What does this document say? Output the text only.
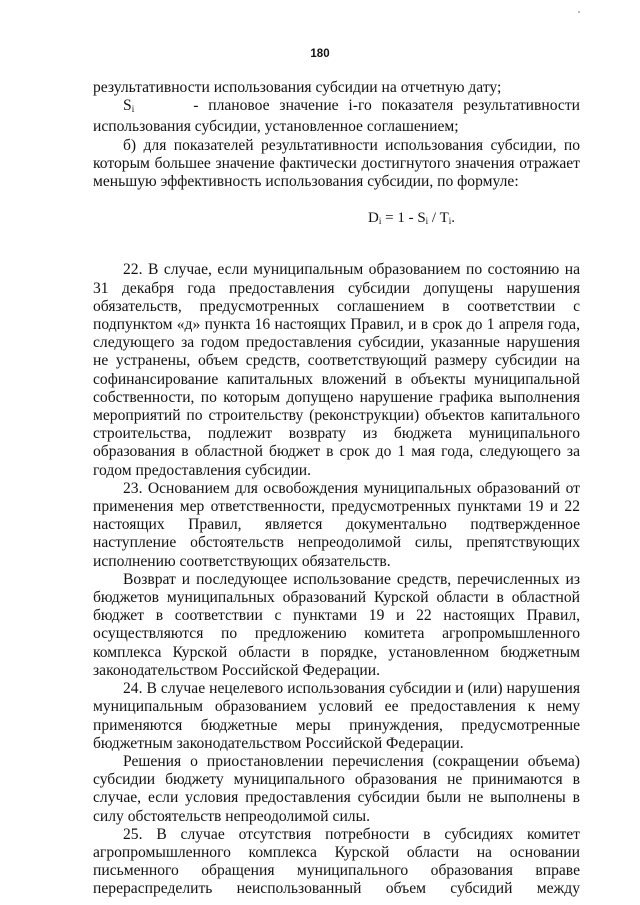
180

результативности использования субсидии на отчетную дату;

$S_i$	- плановое значение i-го показателя результативности
использования субсидии, установленное соглашением;

б) для показателей результативности использования субсидии, по которым большее значение фактически достигнутого значения отражает меньшую эффективность использования субсидии, по формуле:

$D_i = 1 - S_i / T_i$.

22. В случае, если муниципальным образованием по состоянию на 31 декабря года предоставления субсидии допущены нарушения обязательств, предусмотренных соглашением в соответствии с подпунктом «д» пункта 16 настоящих Правил, и в срок до 1 апреля года, следующего за годом предоставления субсидии, указанные нарушения не устранены, объем средств, соответствующий размеру субсидии на софинансирование капитальных вложений в объекты муниципальной собственности, по которым допущено нарушение графика выполнения мероприятий по строительству (реконструкции) объектов капитального строительства, подлежит возврату из бюджета муниципального образования в областной бюджет в срок до 1 мая года, следующего за годом предоставления субсидии.

23. Основанием для освобождения муниципальных образований от применения мер ответственности, предусмотренных пунктами 19 и 22 настоящих Правил, является документально подтвержденное наступление обстоятельств непреодолимой силы, препятствующих исполнению соответствующих обязательств.

Возврат и последующее использование средств, перечисленных из бюджетов муниципальных образований Курской области в областной бюджет в соответствии с пунктами 19 и 22 настоящих Правил, осуществляются по предложению комитета агропромышленного комплекса Курской области в порядке, установленном бюджетным законодательством Российской Федерации.

24. В случае нецелевого использования субсидии и (или) нарушения муниципальным образованием условий ее предоставления к нему применяются бюджетные меры принуждения, предусмотренные бюджетным законодательством Российской Федерации.

Решения о приостановлении перечисления (сокращении объема) субсидии бюджету муниципального образования не принимаются в случае, если условия предоставления субсидии были не выполнены в силу обстоятельств непреодолимой силы.

25. В случае отсутствия потребности в субсидиях комитет агропромышленного комплекса Курской области на основании письменного обращения муниципального образования вправе перераспределить неиспользованный объем субсидий между
